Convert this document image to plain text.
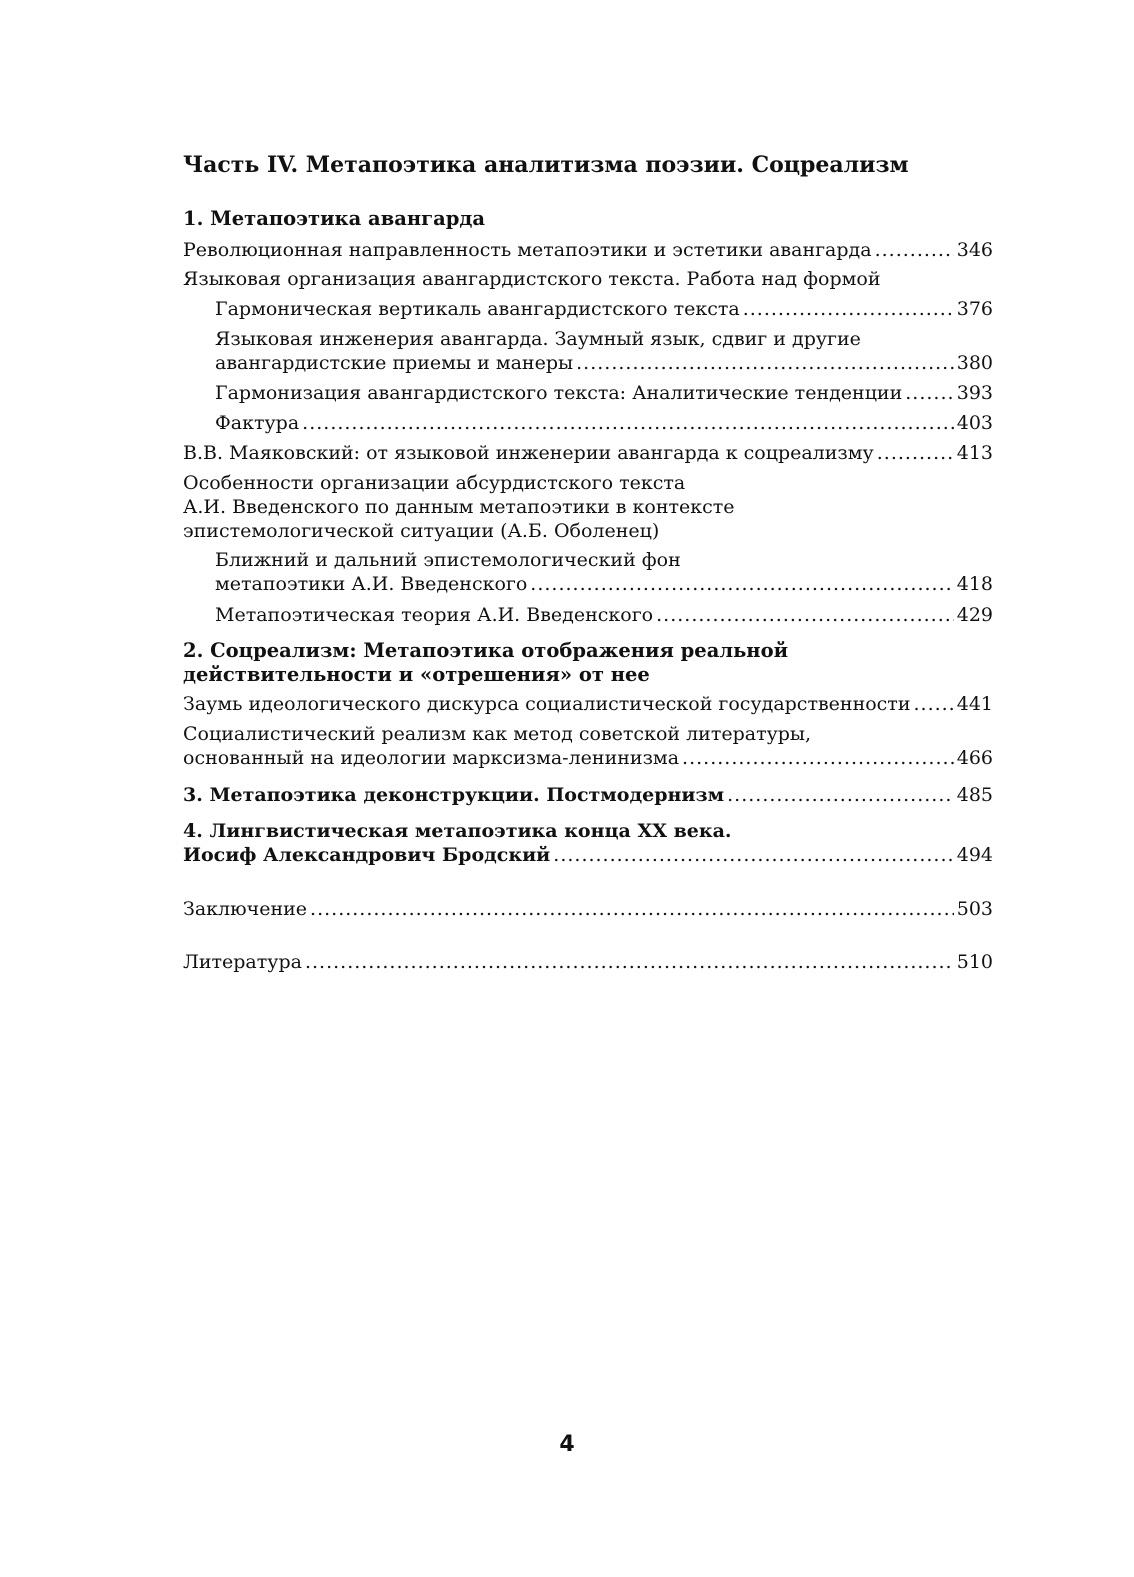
Часть IV. Метапоэтика аналитизма поэзии. Соцреализм
1. Метапоэтика авангарда
Революционная направленность метапоэтики и эстетики авангарда .....	346
Языковая организация авангардистского текста. Работа над формой
Гармоническая вертикаль авангардистского текста .....	376
Языковая инженерия авангарда. Заумный язык, сдвиг и другие
авангардистские приемы и манеры .....	380
Гармонизация авангардистского текста: Аналитические тенденции .....	393
Фактура .....	403
В.В. Маяковский: от языковой инженерии авангарда к соцреализму .....	413
Особенности организации абсурдистского текста
А.И. Введенского по данным метапоэтики в контексте
эпистемологической ситуации (А.Б. Оболенец)
Ближний и дальний эпистемологический фон
метапоэтики А.И. Введенского .....	418
Метапоэтическая теория А.И. Введенского .....	429
2. Соцреализм: Метапоэтика отображения реальной
действительности и «отрешения» от нее
Заумь идеологического дискурса социалистической государственности ..... 441
Социалистический реализм как метод советской литературы,
основанный на идеологии марксизма-ленинизма .....	466
3. Метапоэтика деконструкции. Постмодернизм .....	485
4. Лингвистическая метапоэтика конца XX века.
Иосиф Александрович Бродский .....	494
Заключение .....	503
Литература .....	510
4
